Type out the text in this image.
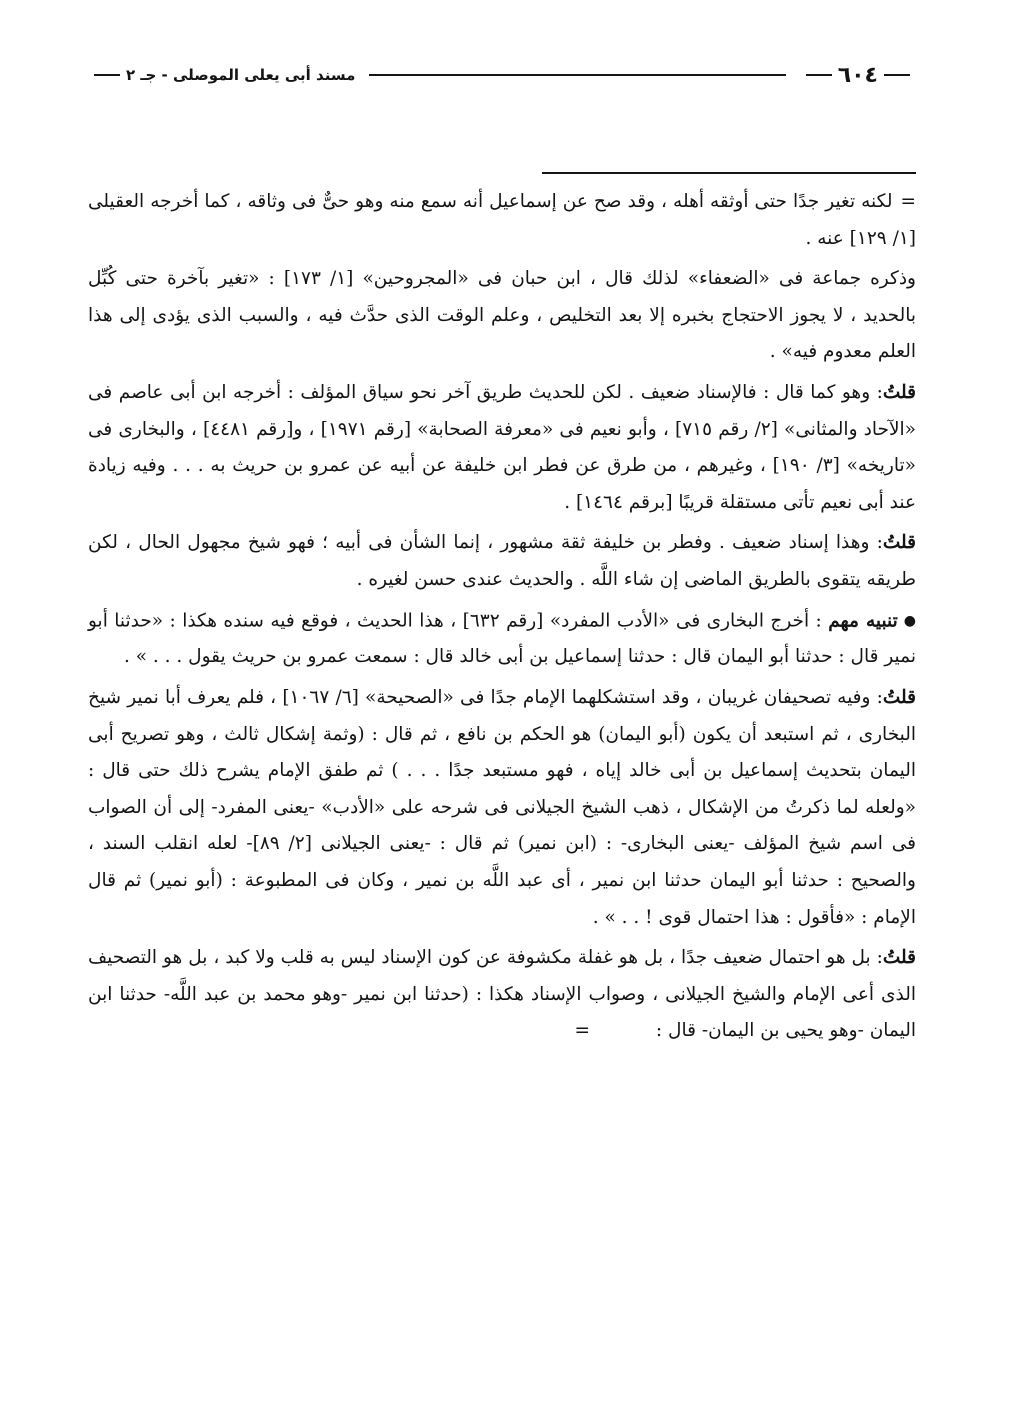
٦٠٤
مسند أبى يعلى الموصلى - جـ ٢

=لكنه تغير جدًا حتى أوثقه أهله ، وقد صح عن إسماعيل أنه سمع منه وهو حىٌّ فى وثاقه ، كما أخرجه العقيلى [١/ ١٢٩] عنه .

وذكره جماعة فى «الضعفاء» لذلك قال ، ابن حبان فى «المجروحين» [١/ ١٧٣] : «تغير بآخرة حتى كُبِّل بالحديد ، لا يجوز الاحتجاج بخبره إلا بعد التخليص ، وعلم الوقت الذى حدَّث فيه ، والسبب الذى يؤدى إلى هذا العلم معدوم فيه» .

قلتُ: وهو كما قال : فالإسناد ضعيف . لكن للحديث طريق آخر نحو سياق المؤلف : أخرجه ابن أبى عاصم فى «الآحاد والمثانى» [٢/ رقم ٧١٥] ، وأبو نعيم فى «معرفة الصحابة» [رقم ١٩٧١] ، و[رقم ٤٤٨١] ، والبخارى فى «تاريخه» [٣/ ١٩٠] ، وغيرهم ، من طرق عن فطر ابن خليفة عن أبيه عن عمرو بن حريث به . . . وفيه زيادة عند أبى نعيم تأتى مستقلة قريبًا [برقم ١٤٦٤] .

قلتُ: وهذا إسناد ضعيف . وفطر بن خليفة ثقة مشهور ، إنما الشأن فى أبيه ؛ فهو شيخ مجهول الحال ، لكن طريقه يتقوى بالطريق الماضى إن شاء اللَّه . والحديث عندى حسن لغيره .

●تنبيه مهم : أخرج البخارى فى «الأدب المفرد» [رقم ٦٣٢] ، هذا الحديث ، فوقع فيه سنده هكذا : «حدثنا أبو نمير قال : حدثنا أبو اليمان قال : حدثنا إسماعيل بن أبى خالد قال : سمعت عمرو بن حريث يقول . . . » .

قلتُ: وفيه تصحيفان غريبان ، وقد استشكلهما الإمام جدًا فى «الصحيحة» [٦/ ١٠٦٧] ، فلم يعرف أبا نمير شيخ البخارى ، ثم استبعد أن يكون (أبو اليمان) هو الحكم بن نافع ، ثم قال : (وثمة إشكال ثالث ، وهو تصريح أبى اليمان بتحديث إسماعيل بن أبى خالد إياه ، فهو مستبعد جدًا . . . ) ثم طفق الإمام يشرح ذلك حتى قال : «ولعله لما ذكرتُ من الإشكال ، ذهب الشيخ الجيلانى فى شرحه على «الأدب» -يعنى المفرد- إلى أن الصواب فى اسم شيخ المؤلف -يعنى البخارى- : (ابن نمير) ثم قال : -يعنى الجيلانى [٢/ ٨٩]- لعله انقلب السند ، والصحيح : حدثنا أبو اليمان حدثنا ابن نمير ، أى عبد اللَّه بن نمير ، وكان فى المطبوعة : (أبو نمير) ثم قال الإمام : «فأقول : هذا احتمال قوى ! . . » .

قلتُ: بل هو احتمال ضعيف جدًا ، بل هو غفلة مكشوفة عن كون الإسناد ليس به قلب ولا كبد ، بل هو التصحيف الذى أعى الإمام والشيخ الجيلانى ، وصواب الإسناد هكذا : (حدثنا ابن نمير -وهو محمد بن عبد اللَّه- حدثنا ابن اليمان -وهو يحيى بن اليمان- قال : =
